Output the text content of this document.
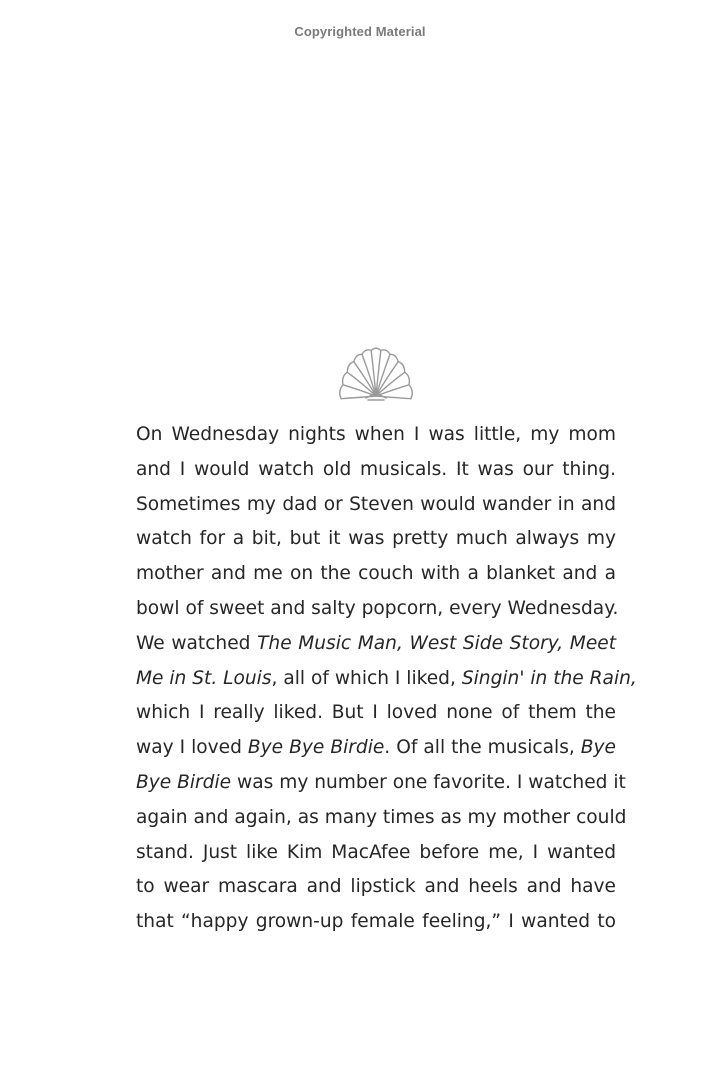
Copyrighted Material
On Wednesday nights when I was little, my mom
and I would watch old musicals. It was our thing.
Sometimes my dad or Steven would wander in and
watch for a bit, but it was pretty much always my
mother and me on the couch with a blanket and a
bowl of sweet and salty popcorn, every Wednesday.
We watched The Music Man, West Side Story, Meet
Me in St. Louis, all of which I liked, Singin' in the Rain,
which I really liked. But I loved none of them the
way I loved Bye Bye Birdie. Of all the musicals, Bye
Bye Birdie was my number one favorite. I watched it
again and again, as many times as my mother could
stand. Just like Kim MacAfee before me, I wanted
to wear mascara and lipstick and heels and have
that “happy grown-up female feeling,” I wanted to
